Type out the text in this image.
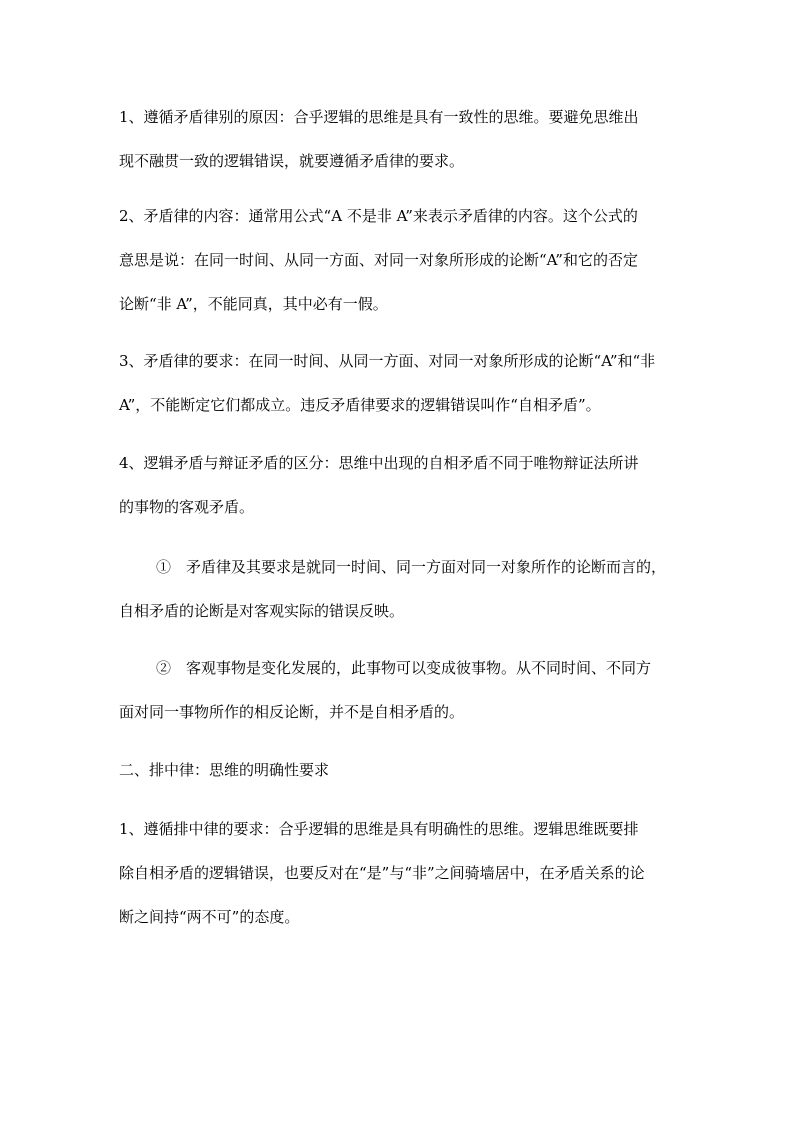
1、遵循矛盾律别的原因：合乎逻辑的思维是具有一致性的思维。要避免思维出
现不融贯一致的逻辑错误，就要遵循矛盾律的要求。
2、矛盾律的内容：通常用公式“A 不是非 A”来表示矛盾律的内容。这个公式的
意思是说：在同一时间、从同一方面、对同一对象所形成的论断“A”和它的否定
论断“非 A”，不能同真，其中必有一假。
3、矛盾律的要求：在同一时间、从同一方面、对同一对象所形成的论断“A”和“非
A”，不能断定它们都成立。违反矛盾律要求的逻辑错误叫作“自相矛盾”。
4、逻辑矛盾与辩证矛盾的区分：思维中出现的自相矛盾不同于唯物辩证法所讲
的事物的客观矛盾。
①　矛盾律及其要求是就同一时间、同一方面对同一对象所作的论断而言的，
自相矛盾的论断是对客观实际的错误反映。
②　客观事物是变化发展的，此事物可以变成彼事物。从不同时间、不同方
面对同一事物所作的相反论断，并不是自相矛盾的。
二、排中律：思维的明确性要求
1、遵循排中律的要求：合乎逻辑的思维是具有明确性的思维。逻辑思维既要排
除自相矛盾的逻辑错误，也要反对在“是”与“非”之间骑墙居中，在矛盾关系的论
断之间持“两不可”的态度。
